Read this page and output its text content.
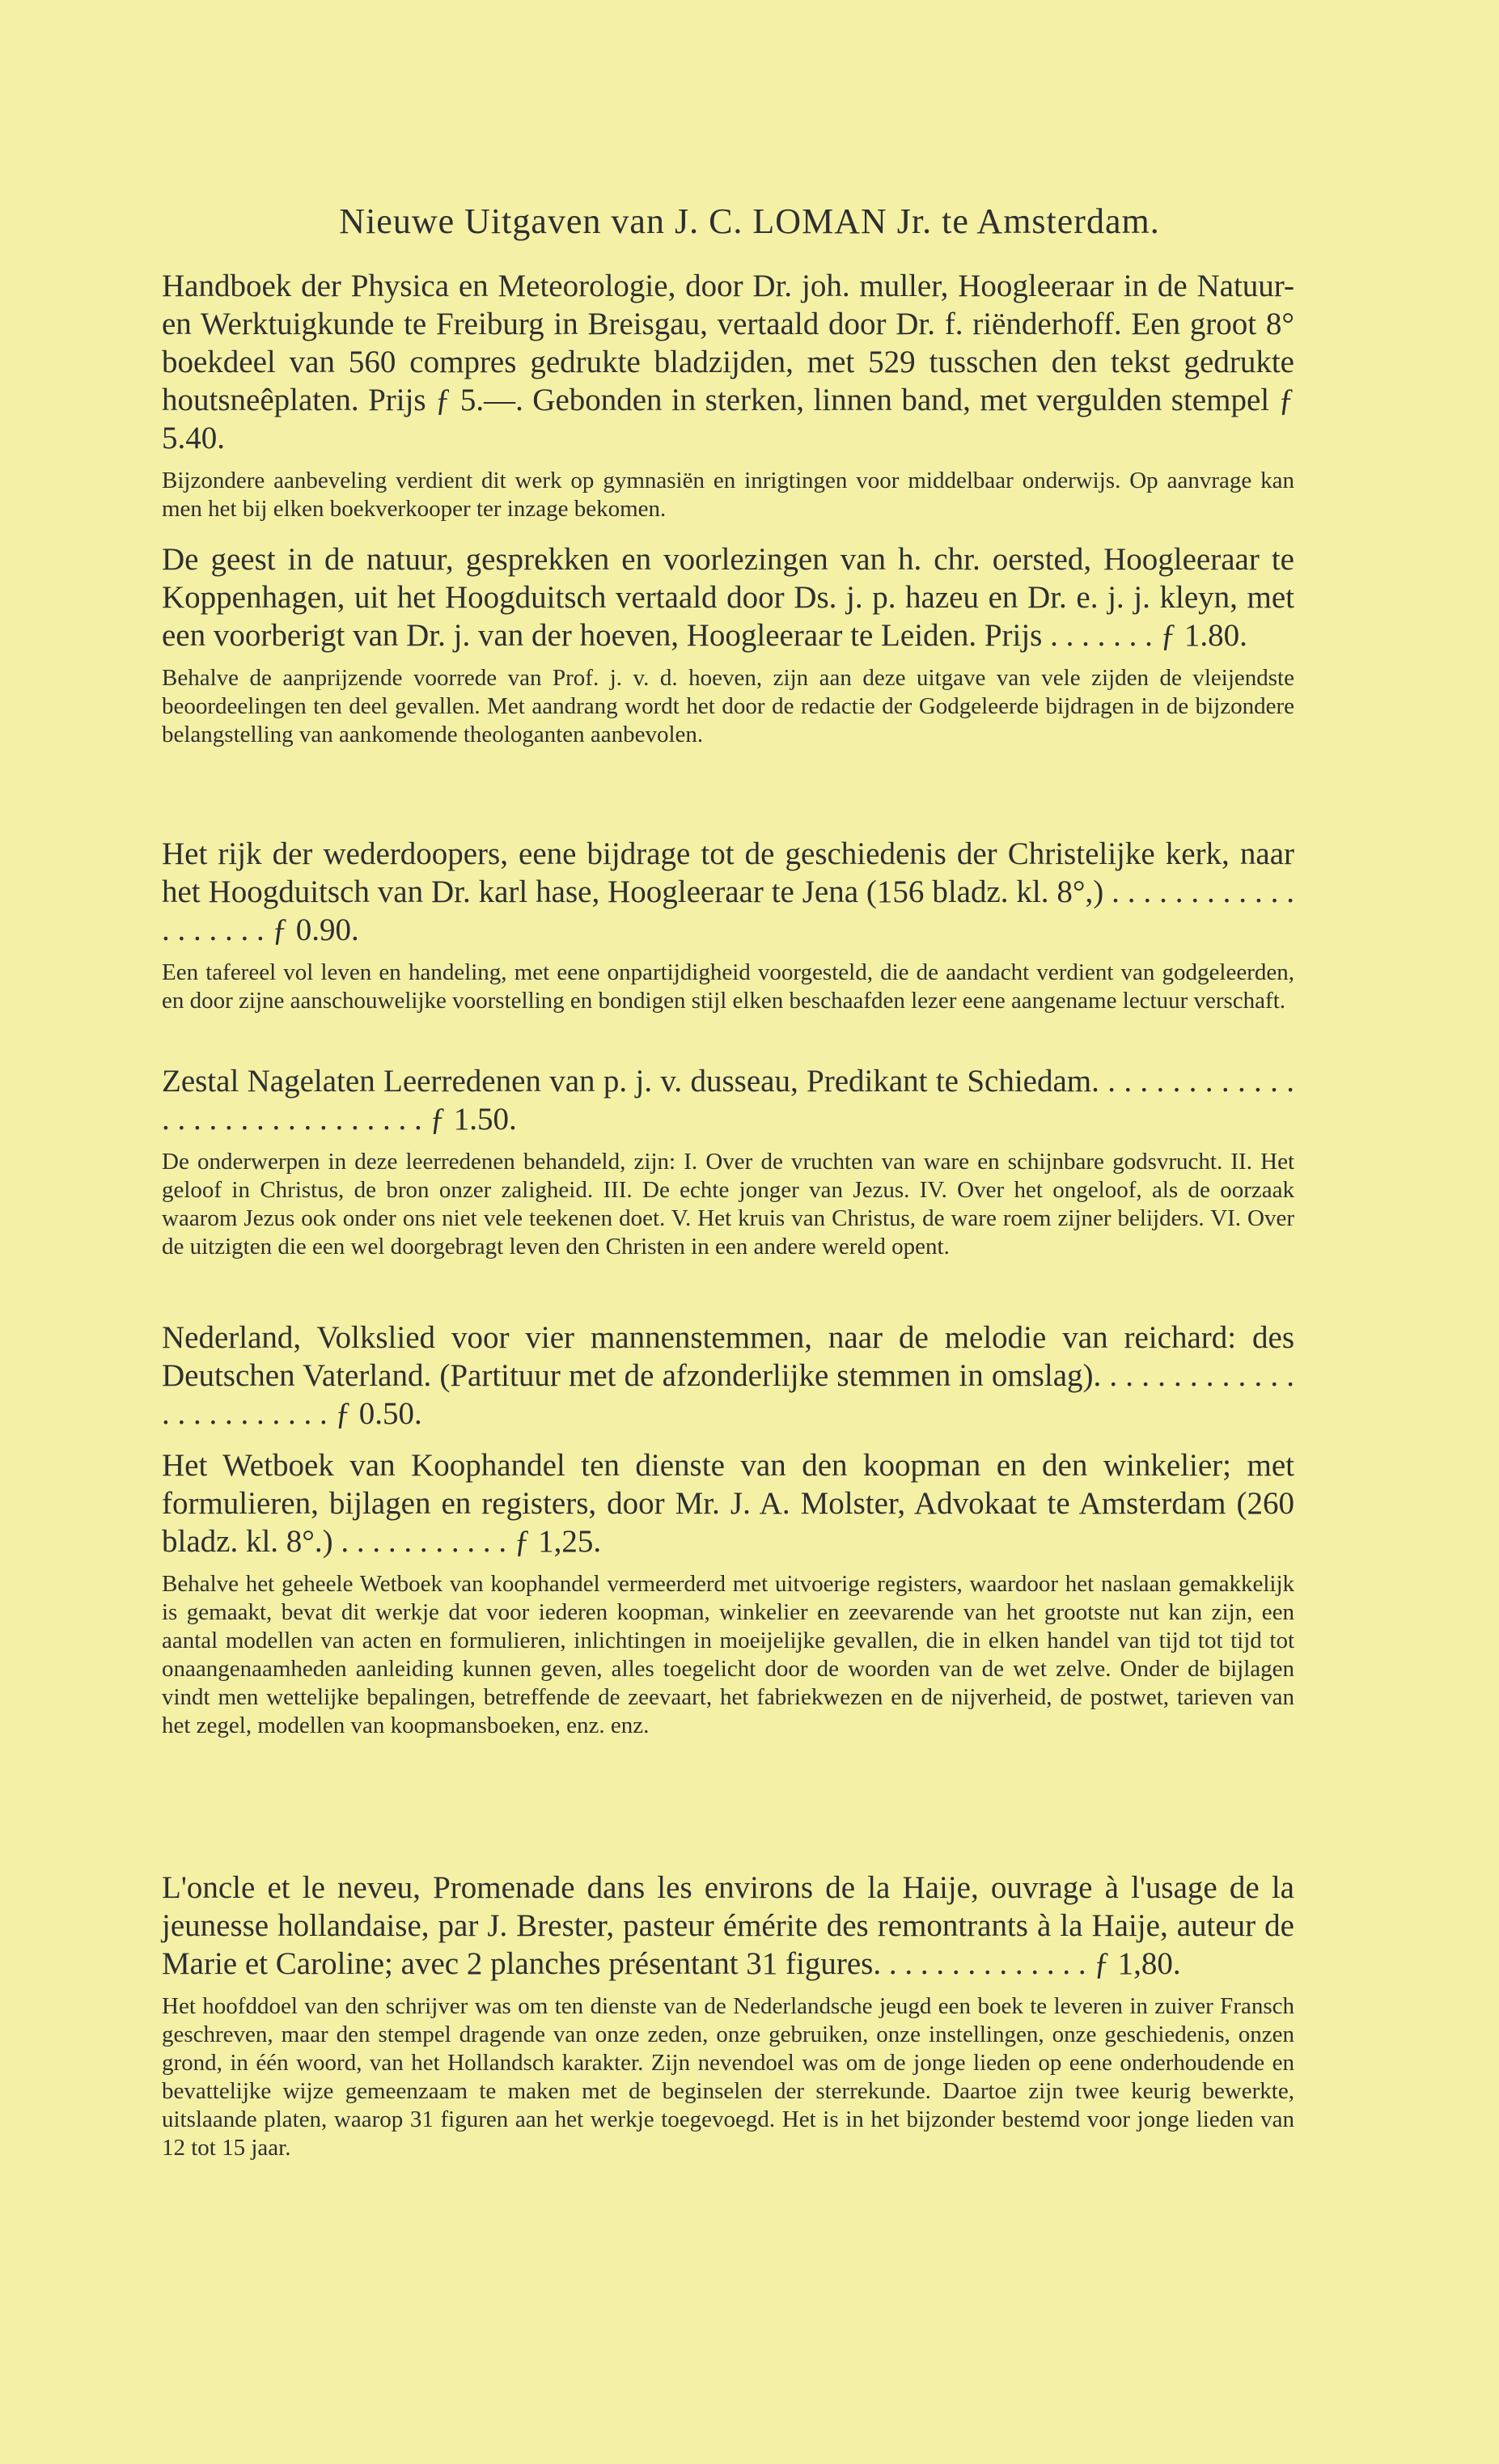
Nieuwe Uitgaven van J. C. LOMAN Jr. te Amsterdam.

Handboek der Physica en Meteorologie, door Dr. joh. muller, Hoogleeraar in de Natuur- en Werktuigkunde te Freiburg in Breisgau, vertaald door Dr. f. riënderhoff. Een groot 8° boekdeel van 560 compres gedrukte bladzijden, met 529 tusschen den tekst gedrukte houtsneêplaten. Prijs ƒ 5.—. Gebonden in sterken, linnen band, met vergulden stempel ƒ 5.40.

Bijzondere aanbeveling verdient dit werk op gymnasiën en inrigtingen voor middelbaar onderwijs. Op aanvrage kan men het bij elken boekverkooper ter inzage bekomen.

De geest in de natuur, gesprekken en voorlezingen van h. chr. oersted, Hoogleeraar te Koppenhagen, uit het Hoogduitsch vertaald door Ds. j. p. hazeu en Dr. e. j. j. kleyn, met een voorberigt van Dr. j. van der hoeven, Hoogleeraar te Leiden. Prijs . . . . . . . ƒ 1.80.

Behalve de aanprijzende voorrede van Prof. j. v. d. hoeven, zijn aan deze uitgave van vele zijden de vleijendste beoordeelingen ten deel gevallen. Met aandrang wordt het door de redactie der Godgeleerde bijdragen in de bijzondere belangstelling van aankomende theologanten aanbevolen.

Het rijk der wederdoopers, eene bijdrage tot de geschiedenis der Christelijke kerk, naar het Hoogduitsch van Dr. karl hase, Hoogleeraar te Jena (156 bladz. kl. 8°,) . . . . . . . . . . . . . . . . . . . ƒ 0.90.

Een tafereel vol leven en handeling, met eene onpartijdigheid voorgesteld, die de aandacht verdient van godgeleerden, en door zijne aanschouwelijke voorstelling en bondigen stijl elken beschaafden lezer eene aangename lectuur verschaft.

Zestal Nagelaten Leerredenen van p. j. v. dusseau, Predikant te Schiedam. . . . . . . . . . . . . . . . . . . . . . . . . . . . . . ƒ 1.50.

De onderwerpen in deze leerredenen behandeld, zijn: I. Over de vruchten van ware en schijnbare godsvrucht. II. Het geloof in Christus, de bron onzer zaligheid. III. De echte jonger van Jezus. IV. Over het ongeloof, als de oorzaak waarom Jezus ook onder ons niet vele teekenen doet. V. Het kruis van Christus, de ware roem zijner belijders. VI. Over de uitzigten die een wel doorgebragt leven den Christen in een andere wereld opent.

Nederland, Volkslied voor vier mannenstemmen, naar de melodie van reichard: des Deutschen Vaterland. (Partituur met de afzonderlijke stemmen in omslag). . . . . . . . . . . . . . . . . . . . . . . . ƒ 0.50.

Het Wetboek van Koophandel ten dienste van den koopman en den winkelier; met formulieren, bijlagen en registers, door Mr. J. A. Molster, Advokaat te Amsterdam (260 bladz. kl. 8°.) . . . . . . . . . . . ƒ 1,25.

Behalve het geheele Wetboek van koophandel vermeerderd met uitvoerige registers, waardoor het naslaan gemakkelijk is gemaakt, bevat dit werkje dat voor iederen koopman, winkelier en zeevarende van het grootste nut kan zijn, een aantal modellen van acten en formulieren, inlichtingen in moeijelijke gevallen, die in elken handel van tijd tot tijd tot onaangenaamheden aanleiding kunnen geven, alles toegelicht door de woorden van de wet zelve. Onder de bijlagen vindt men wettelijke bepalingen, betreffende de zeevaart, het fabriekwezen en de nijverheid, de postwet, tarieven van het zegel, modellen van koopmansboeken, enz. enz.

L'oncle et le neveu, Promenade dans les environs de la Haije, ouvrage à l'usage de la jeunesse hollandaise, par J. Brester, pasteur émérite des remontrants à la Haije, auteur de Marie et Caroline; avec 2 planches présentant 31 figures. . . . . . . . . . . . . . ƒ 1,80.

Het hoofddoel van den schrijver was om ten dienste van de Nederlandsche jeugd een boek te leveren in zuiver Fransch geschreven, maar den stempel dragende van onze zeden, onze gebruiken, onze instellingen, onze geschiedenis, onzen grond, in één woord, van het Hollandsch karakter. Zijn nevendoel was om de jonge lieden op eene onderhoudende en bevattelijke wijze gemeenzaam te maken met de beginselen der sterrekunde. Daartoe zijn twee keurig bewerkte, uitslaande platen, waarop 31 figuren aan het werkje toegevoegd. Het is in het bijzonder bestemd voor jonge lieden van 12 tot 15 jaar.
